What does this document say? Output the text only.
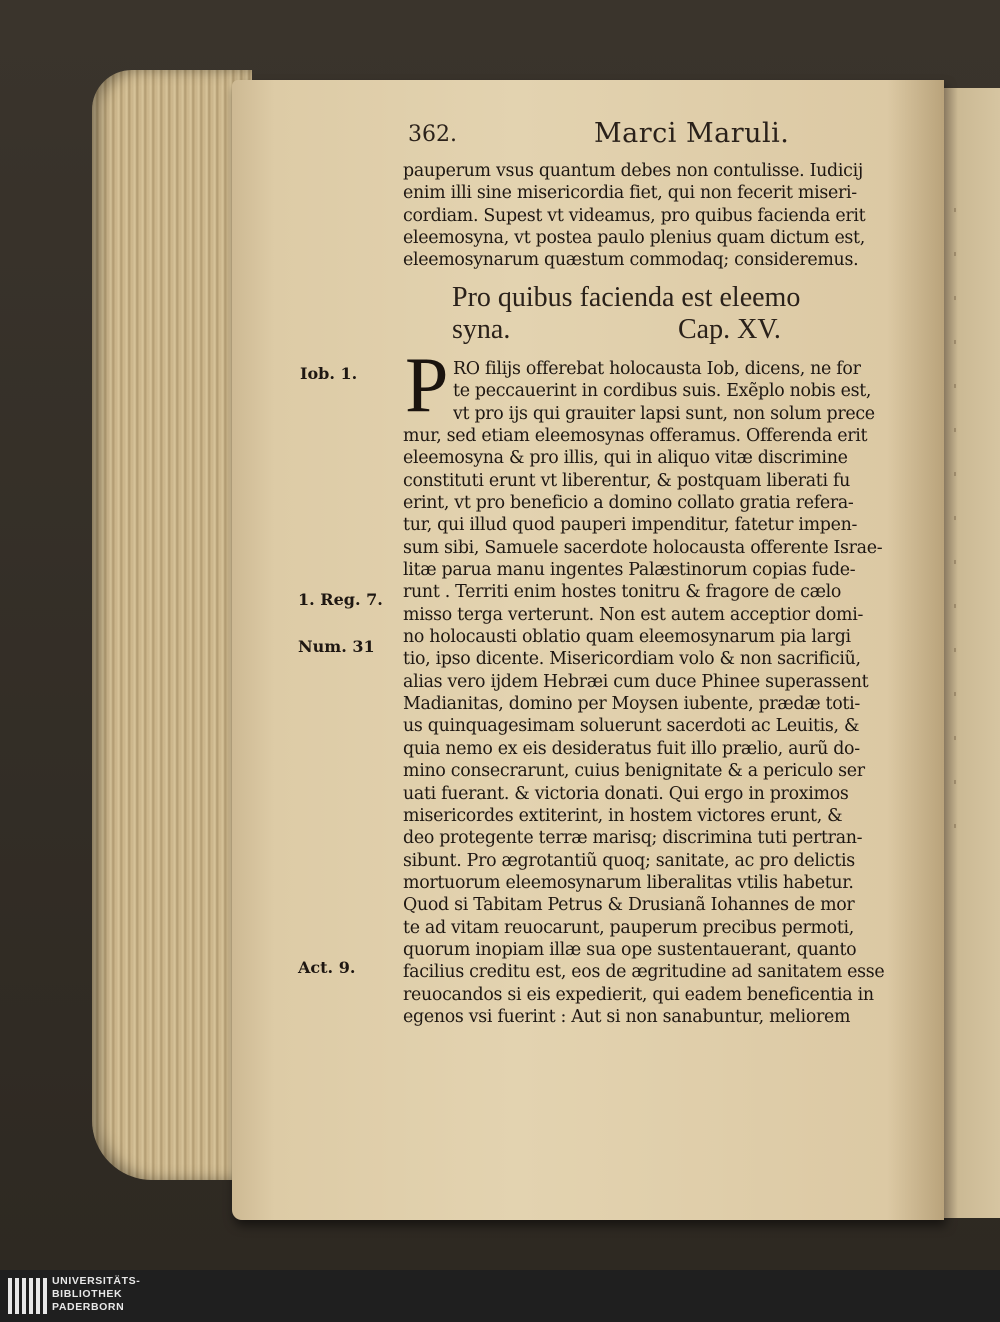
362.	Marci Maruli.
pauperum vsus quantum debes non contulisse. Iudicij
enim illi sine misericordia fiet, qui non fecerit miseri-
cordiam. Supest vt videamus, pro quibus facienda erit
eleemosyna, vt postea paulo plenius quam dictum est,
eleemosynarum quæstum commodaq; consideremus.
Pro quibus facienda est eleemo
syna.	Cap. XV.
P RO filijs offerebat holocausta Iob, dicens, ne for
te peccauerint in cordibus suis. Exẽplo nobis est,
vt pro ijs qui grauiter lapsi sunt, non solum prece
mur, sed etiam eleemosynas offeramus. Offerenda erit
eleemosyna & pro illis, qui in aliquo vitæ discrimine
constituti erunt vt liberentur, & postquam liberati fu
erint, vt pro beneficio a domino collato gratia refera-
tur, qui illud quod pauperi impenditur, fatetur impen-
sum sibi, Samuele sacerdote holocausta offerente Israe-
litæ parua manu ingentes Palæstinorum copias fude-
runt . Territi enim hostes tonitru & fragore de cælo
misso terga verterunt. Non est autem acceptior domi-
no holocausti oblatio quam eleemosynarum pia largi
tio, ipso dicente. Misericordiam volo & non sacrificiũ,
alias vero ijdem Hebræi cum duce Phinee superassent
Madianitas, domino per Moysen iubente, prædæ toti-
us quinquagesimam soluerunt sacerdoti ac Leuitis, &
quia nemo ex eis desideratus fuit illo prælio, aurũ do-
mino consecrarunt, cuius benignitate & a periculo ser
uati fuerant. & victoria donati. Qui ergo in proximos
misericordes extiterint, in hostem victores erunt, &
deo protegente terræ marisq; discrimina tuti pertran-
sibunt. Pro ægrotantiũ quoq; sanitate, ac pro delictis
mortuorum eleemosynarum liberalitas vtilis habetur.
Quod si Tabitam Petrus & Drusianã Iohannes de mor
te ad vitam reuocarunt, pauperum precibus permoti,
quorum inopiam illæ sua ope sustentauerant, quanto
facilius creditu est, eos de ægritudine ad sanitatem esse
reuocandos si eis expedierit, qui eadem beneficentia in
egenos vsi fuerint : Aut si non sanabuntur, meliorem
Iob. 1.
1. Reg. 7.
Num. 31
Act. 9.
UNIVERSITÄTS-
BIBLIOTHEK
PADERBORN
